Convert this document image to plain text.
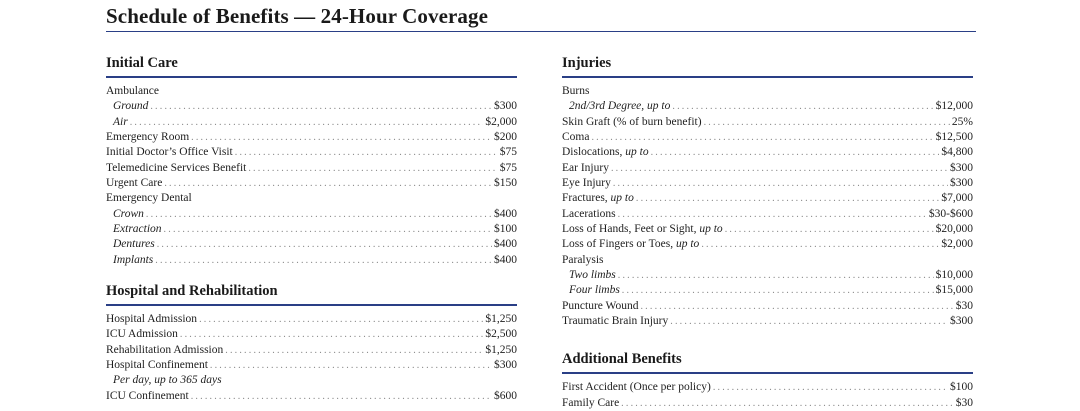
Schedule of Benefits — 24-Hour Coverage
Initial Care
Ambulance
Ground .....	$300
Air .....	$2,000
Emergency Room .....	$200
Initial Doctor’s Office Visit .....	$75
Telemedicine Services Benefit .....	$75
Urgent Care .....	$150
Emergency Dental
Crown .....	$400
Extraction .....	$100
Dentures .....	$400
Implants .....	$400
Hospital and Rehabilitation
Hospital Admission .....	$1,250
ICU Admission .....	$2,500
Rehabilitation Admission .....	$1,250
Hospital Confinement .....	$300
Per day, up to 365 days
ICU Confinement .....	$600
Injuries
Burns
2nd/3rd Degree, up to .....	$12,000
Skin Graft (% of burn benefit) .....	25%
Coma .....	$12,500
Dislocations, up to .....	$4,800
Ear Injury .....	$300
Eye Injury .....	$300
Fractures, up to .....	$7,000
Lacerations .....	$30-$600
Loss of Hands, Feet or Sight, up to .....	$20,000
Loss of Fingers or Toes, up to .....	$2,000
Paralysis
Two limbs .....	$10,000
Four limbs .....	$15,000
Puncture Wound .....	$30
Traumatic Brain Injury .....	$300
Additional Benefits
First Accident (Once per policy) .....	$100
Family Care .....	$30
